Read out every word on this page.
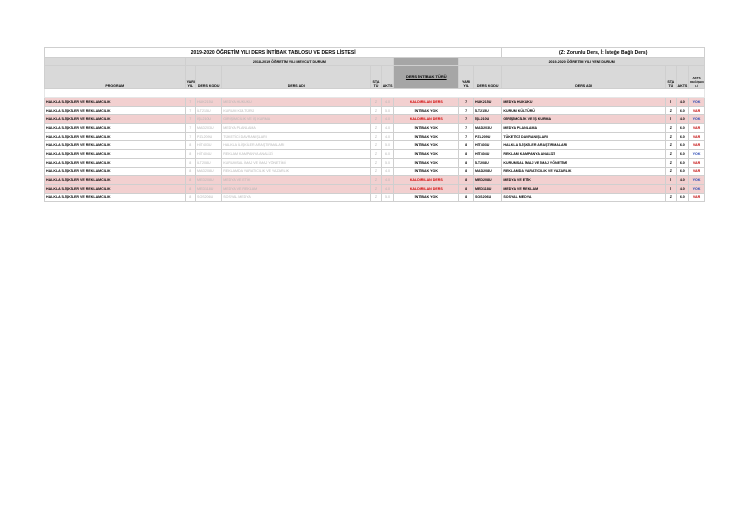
2019-2020 ÖĞRETİM YILI DERS İNTİBAK TABLOSU VE DERS LİSTESİ									(Z: Zorunlu Ders, İ: İsteğe Bağlı Ders)			
	2018-2019 ÖĞRETİM YILI MEVCUT DURUM						2019-2020 ÖĞRETİM YILI YENİ DURUM					
PROGRAM	YARI YIL	DERS KODU	DERS ADI	STA TÜ	AKTS	DERS İNTİBAK TÜRÜ	YARI YIL	DERS KODU	DERS ADI	STA TÜ	AKTS	AKTS DEĞİŞEN Lİ

HALKLA İLİŞKİLER VE REKLAMCILIK	7	HUK215U	MEDYA HUKUKU	Z	4.0	KALDIRILAN DERS	7	HUK215U	MEDYA HUKUKU	İ	4.0	YOK
HALKLA İLİŞKİLER VE REKLAMCILIK	7	İLT215U	KURUM KÜLTÜRÜ	Z	5.0	İNTİBAK YOK	7	İLT215U	KURUM KÜLTÜRÜ	Z	6.0	VAR
HALKLA İLİŞKİLER VE REKLAMCILIK	7	İŞL210U	GİRİŞİMCİLİK VE İŞ KURMA	Z	4.0	KALDIRILAN DERS	7	İŞL210U	GİRİŞİMCİLİK VE İŞ KURMA	İ	4.0	YOK
HALKLA İLİŞKİLER VE REKLAMCILIK	7	MAD203U	MEDYA PLANLAMA	Z	4.0	İNTİBAK YOK	7	MAD203U	MEDYA PLANLAMA	Z	6.0	VAR
HALKLA İLİŞKİLER VE REKLAMCILIK	7	PZL209U	TÜKETİCİ DAVRANIŞLARI	Z	4.0	İNTİBAK YOK	7	PZL209U	TÜKETİCİ DAVRANIŞLARI	Z	6.0	VAR
HALKLA İLİŞKİLER VE REKLAMCILIK	8	HİT403U	HALKLA İLİŞKİLER ARAŞTIRMALARI	Z	5.0	İNTİBAK YOK	8	HİT403U	HALKLA İLİŞKİLER ARAŞTIRMALARI	Z	6.0	VAR
HALKLA İLİŞKİLER VE REKLAMCILIK	8	HİT404U	REKLAM KAMPANYA ANALİZİ	Z	6.0	İNTİBAK YOK	8	HİT404U	REKLAM KAMPANYA ANALİZİ	Z	6.0	YOK
HALKLA İLİŞKİLER VE REKLAMCILIK	8	İLT208U	KURUMSAL İMAJ VE İMAJ YÖNETİMİ	Z	5.0	İNTİBAK YOK	8	İLT208U	KURUMSAL İMAJ VE İMAJ YÖNETİMİ	Z	6.0	VAR
HALKLA İLİŞKİLER VE REKLAMCILIK	8	MAD208U	REKLAMDA YARATICILIK VE YAZARLIK	Z	4.0	İNTİBAK YOK	8	MAD208U	REKLAMDA YARATICILIK VE YAZARLIK	Z	6.0	VAR
HALKLA İLİŞKİLER VE REKLAMCILIK	8	MED208U	MEDYA VE ETİK	Z	4.0	KALDIRILAN DERS	8	MED208U	MEDYA VE ETİK	İ	4.0	YOK
HALKLA İLİŞKİLER VE REKLAMCILIK	8	MED118U	MEDYA VE REKLAM	Z	4.0	KALDIRILAN DERS	8	MED118U	MEDYA VE REKLAM	İ	4.0	YOK
HALKLA İLİŞKİLER VE REKLAMCILIK	8	SOS206U	SOSYAL MEDYA	Z	5.0	İNTİBAK YOK	8	SOS206U	SOSYAL MEDYA	Z	6.0	VAR
